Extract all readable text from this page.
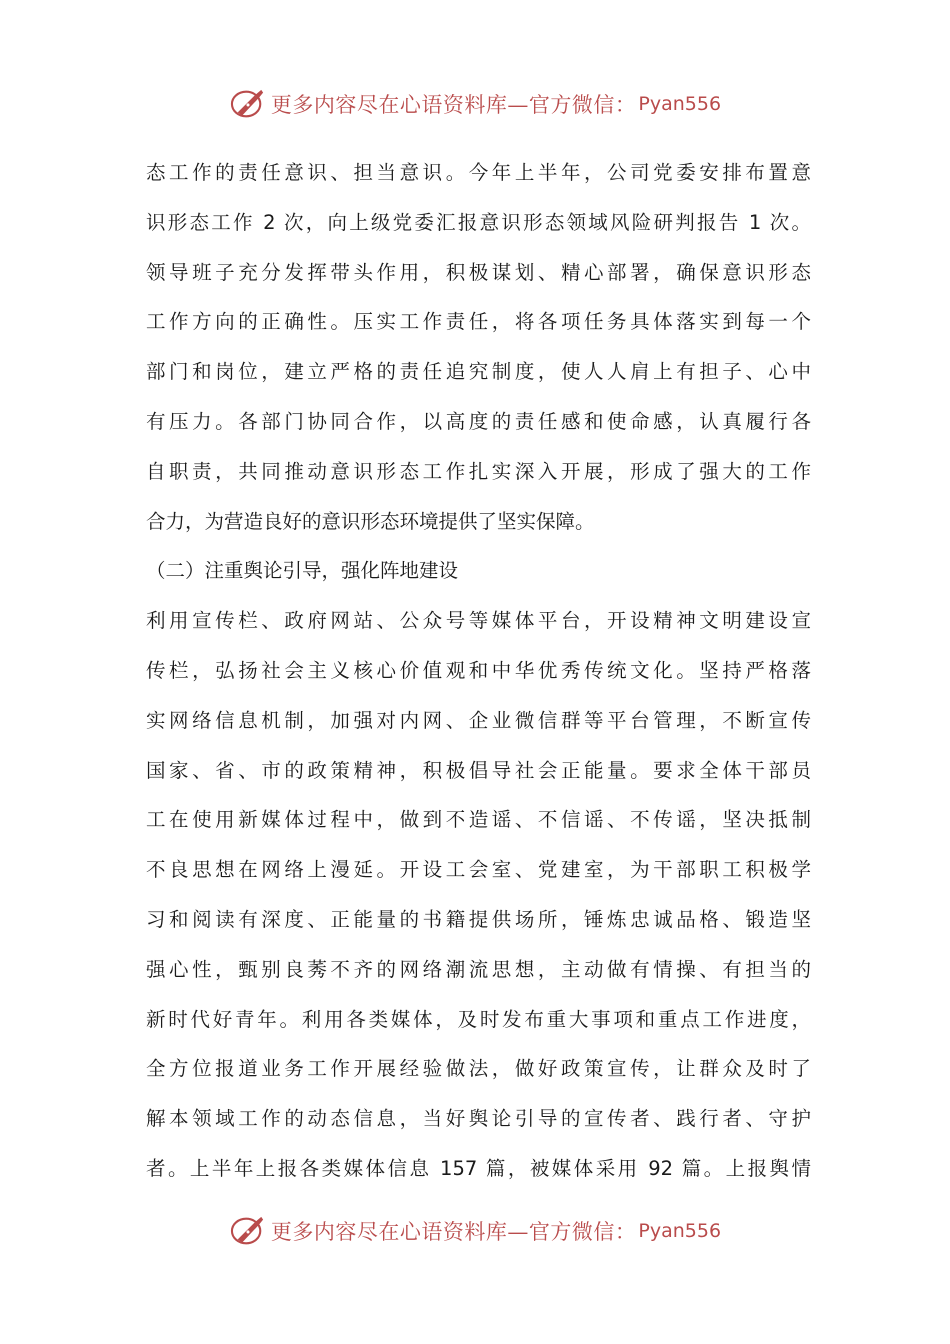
更多内容尽在心语资料库—官方微信： Pyan556
态工作的责任意识、担当意识。今年上半年，公司党委安排布置意
识形态工作 2 次，向上级党委汇报意识形态领域风险研判报告 1 次。
领导班子充分发挥带头作用，积极谋划、精心部署，确保意识形态
工作方向的正确性。压实工作责任，将各项任务具体落实到每一个
部门和岗位，建立严格的责任追究制度，使人人肩上有担子、心中
有压力。各部门协同合作，以高度的责任感和使命感，认真履行各
自职责，共同推动意识形态工作扎实深入开展，形成了强大的工作
合力，为营造良好的意识形态环境提供了坚实保障。
（二）注重舆论引导，强化阵地建设
利用宣传栏、政府网站、公众号等媒体平台，开设精神文明建设宣
传栏，弘扬社会主义核心价值观和中华优秀传统文化。坚持严格落
实网络信息机制，加强对内网、企业微信群等平台管理，不断宣传
国家、省、市的政策精神，积极倡导社会正能量。要求全体干部员
工在使用新媒体过程中，做到不造谣、不信谣、不传谣，坚决抵制
不良思想在网络上漫延。开设工会室、党建室，为干部职工积极学
习和阅读有深度、正能量的书籍提供场所，锤炼忠诚品格、锻造坚
强心性，甄别良莠不齐的网络潮流思想，主动做有情操、有担当的
新时代好青年。利用各类媒体，及时发布重大事项和重点工作进度，
全方位报道业务工作开展经验做法，做好政策宣传，让群众及时了
解本领域工作的动态信息，当好舆论引导的宣传者、践行者、守护
者。上半年上报各类媒体信息 157 篇，被媒体采用 92 篇。上报舆情
更多内容尽在心语资料库—官方微信： Pyan556
